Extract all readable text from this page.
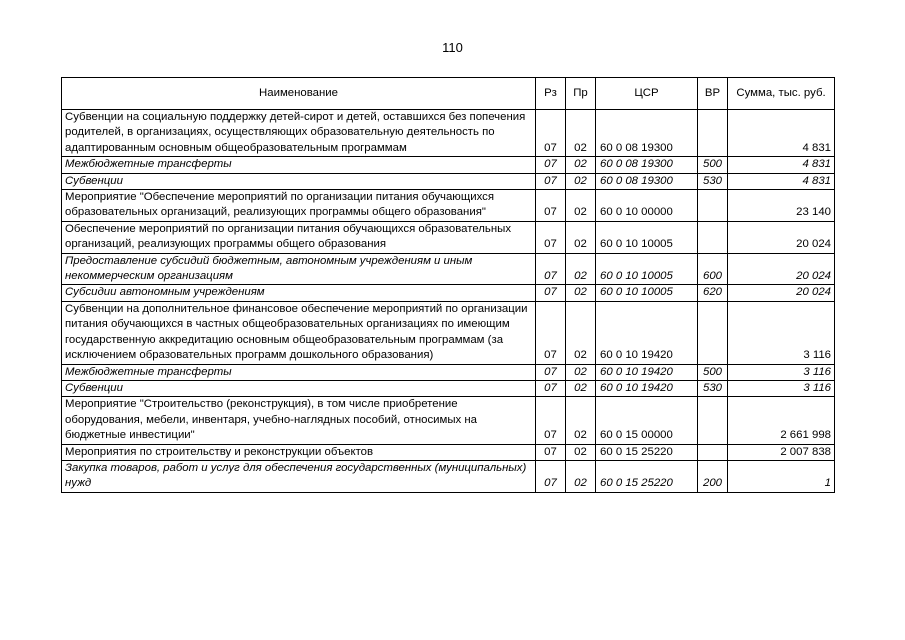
110
Наименование	Рз	Пр	ЦСР	ВР	Сумма, тыс. руб.

Субвенции на социальную поддержку детей-сирот и детей, оставшихся без попечения родителей, в организациях, осуществляющих образовательную деятельность по адаптированным основным общеобразовательным программам	07	02	60 0 08 19300		4 831
Межбюджетные трансферты	07	02	60 0 08 19300	500	4 831
Субвенции	07	02	60 0 08 19300	530	4 831
Мероприятие "Обеспечение мероприятий по организации питания обучающихся образовательных организаций, реализующих программы общего образования"	07	02	60 0 10 00000		23 140
Обеспечение мероприятий по организации питания обучающихся образовательных организаций, реализующих программы общего образования	07	02	60 0 10 10005		20 024
Предоставление субсидий бюджетным, автономным учреждениям и иным некоммерческим организациям	07	02	60 0 10 10005	600	20 024
Субсидии автономным учреждениям	07	02	60 0 10 10005	620	20 024
Субвенции на дополнительное финансовое обеспечение мероприятий по организации питания обучающихся в частных общеобразовательных организациях по имеющим государственную аккредитацию основным общеобразовательным программам (за исключением образовательных программ дошкольного образования)	07	02	60 0 10 19420		3 116
Межбюджетные трансферты	07	02	60 0 10 19420	500	3 116
Субвенции	07	02	60 0 10 19420	530	3 116
Мероприятие "Строительство (реконструкция), в том числе приобретение оборудования, мебели, инвентаря, учебно-наглядных пособий, относимых на бюджетные инвестиции"	07	02	60 0 15 00000		2 661 998
Мероприятия по строительству и реконструкции объектов	07	02	60 0 15 25220		2 007 838
Закупка товаров, работ и услуг для обеспечения государственных (муниципальных) нужд	07	02	60 0 15 25220	200	1
